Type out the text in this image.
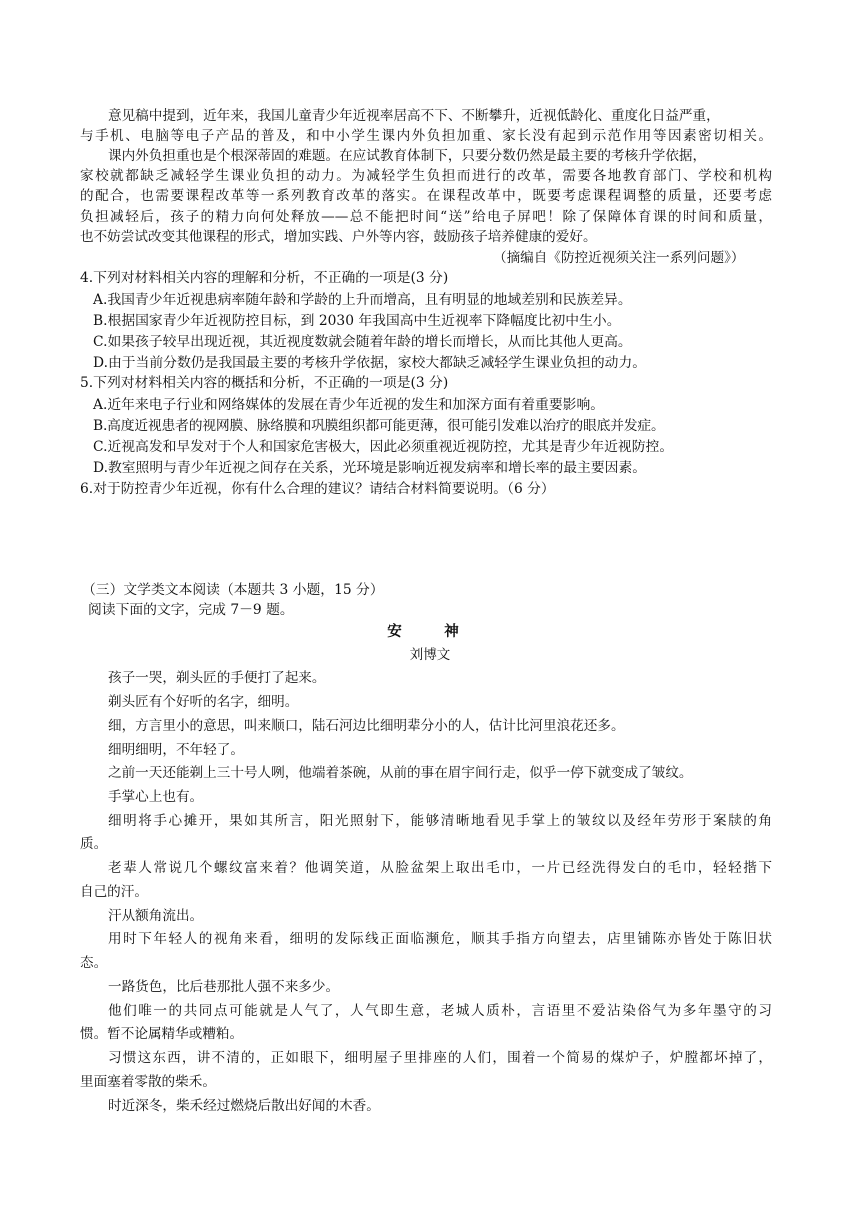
意见稿中提到，近年来，我国儿童青少年近视率居高不下、不断攀升，近视低龄化、重度化日益严重，
与手机、电脑等电子产品的普及，和中小学生课内外负担加重、家长没有起到示范作用等因素密切相关。
课内外负担重也是个根深蒂固的难题。在应试教育体制下，只要分数仍然是最主要的考核升学依据，
家校就都缺乏减轻学生课业负担的动力。为减轻学生负担而进行的改革，需要各地教育部门、学校和机构
的配合，也需要课程改革等一系列教育改革的落实。在课程改革中，既要考虑课程调整的质量，还要考虑
负担减轻后，孩子的精力向何处释放——总不能把时间“送”给电子屏吧！除了保障体育课的时间和质量，
也不妨尝试改变其他课程的形式，增加实践、户外等内容，鼓励孩子培养健康的爱好。
（摘编自《防控近视须关注一系列问题》）
4.下列对材料相关内容的理解和分析，不正确的一项是(3 分)
A.我国青少年近视患病率随年龄和学龄的上升而增高，且有明显的地域差别和民族差异。
B.根据国家青少年近视防控目标，到 2030 年我国高中生近视率下降幅度比初中生小。
C.如果孩子较早出现近视，其近视度数就会随着年龄的增长而增长，从而比其他人更高。
D.由于当前分数仍是我国最主要的考核升学依据，家校大都缺乏减轻学生课业负担的动力。
5.下列对材料相关内容的概括和分析，不正确的一项是(3 分)
A.近年来电子行业和网络媒体的发展在青少年近视的发生和加深方面有着重要影响。
B.高度近视患者的视网膜、脉络膜和巩膜组织都可能更薄，很可能引发难以治疗的眼底并发症。
C.近视高发和早发对于个人和国家危害极大，因此必须重视近视防控，尤其是青少年近视防控。
D.教室照明与青少年近视之间存在关系，光环境是影响近视发病率和增长率的最主要因素。
6.对于防控青少年近视，你有什么合理的建议？请结合材料简要说明。（6 分）
（三）文学类文本阅读（本题共 3 小题，15 分）
阅读下面的文字，完成 7－9 题。
安　神
刘博文
孩子一哭，剃头匠的手便打了起来。
剃头匠有个好听的名字，细明。
细，方言里小的意思，叫来顺口，陆石河边比细明辈分小的人，估计比河里浪花还多。
细明细明，不年轻了。
之前一天还能剃上三十号人咧，他端着茶碗，从前的事在眉宇间行走，似乎一停下就变成了皱纹。
手掌心上也有。
细明将手心摊开，果如其所言，阳光照射下，能够清晰地看见手掌上的皱纹以及经年劳形于案牍的角
质。
老辈人常说几个螺纹富来着？他调笑道，从脸盆架上取出毛巾，一片已经洗得发白的毛巾，轻轻揩下
自己的汗。
汗从额角流出。
用时下年轻人的视角来看，细明的发际线正面临濒危，顺其手指方向望去，店里铺陈亦皆处于陈旧状
态。
一路货色，比后巷那批人强不来多少。
他们唯一的共同点可能就是人气了，人气即生意，老城人质朴，言语里不爱沾染俗气为多年墨守的习
惯。暂不论属精华或糟粕。
习惯这东西，讲不清的，正如眼下，细明屋子里排座的人们，围着一个简易的煤炉子，炉膛都坏掉了，
里面塞着零散的柴禾。
时近深冬，柴禾经过燃烧后散出好闻的木香。
